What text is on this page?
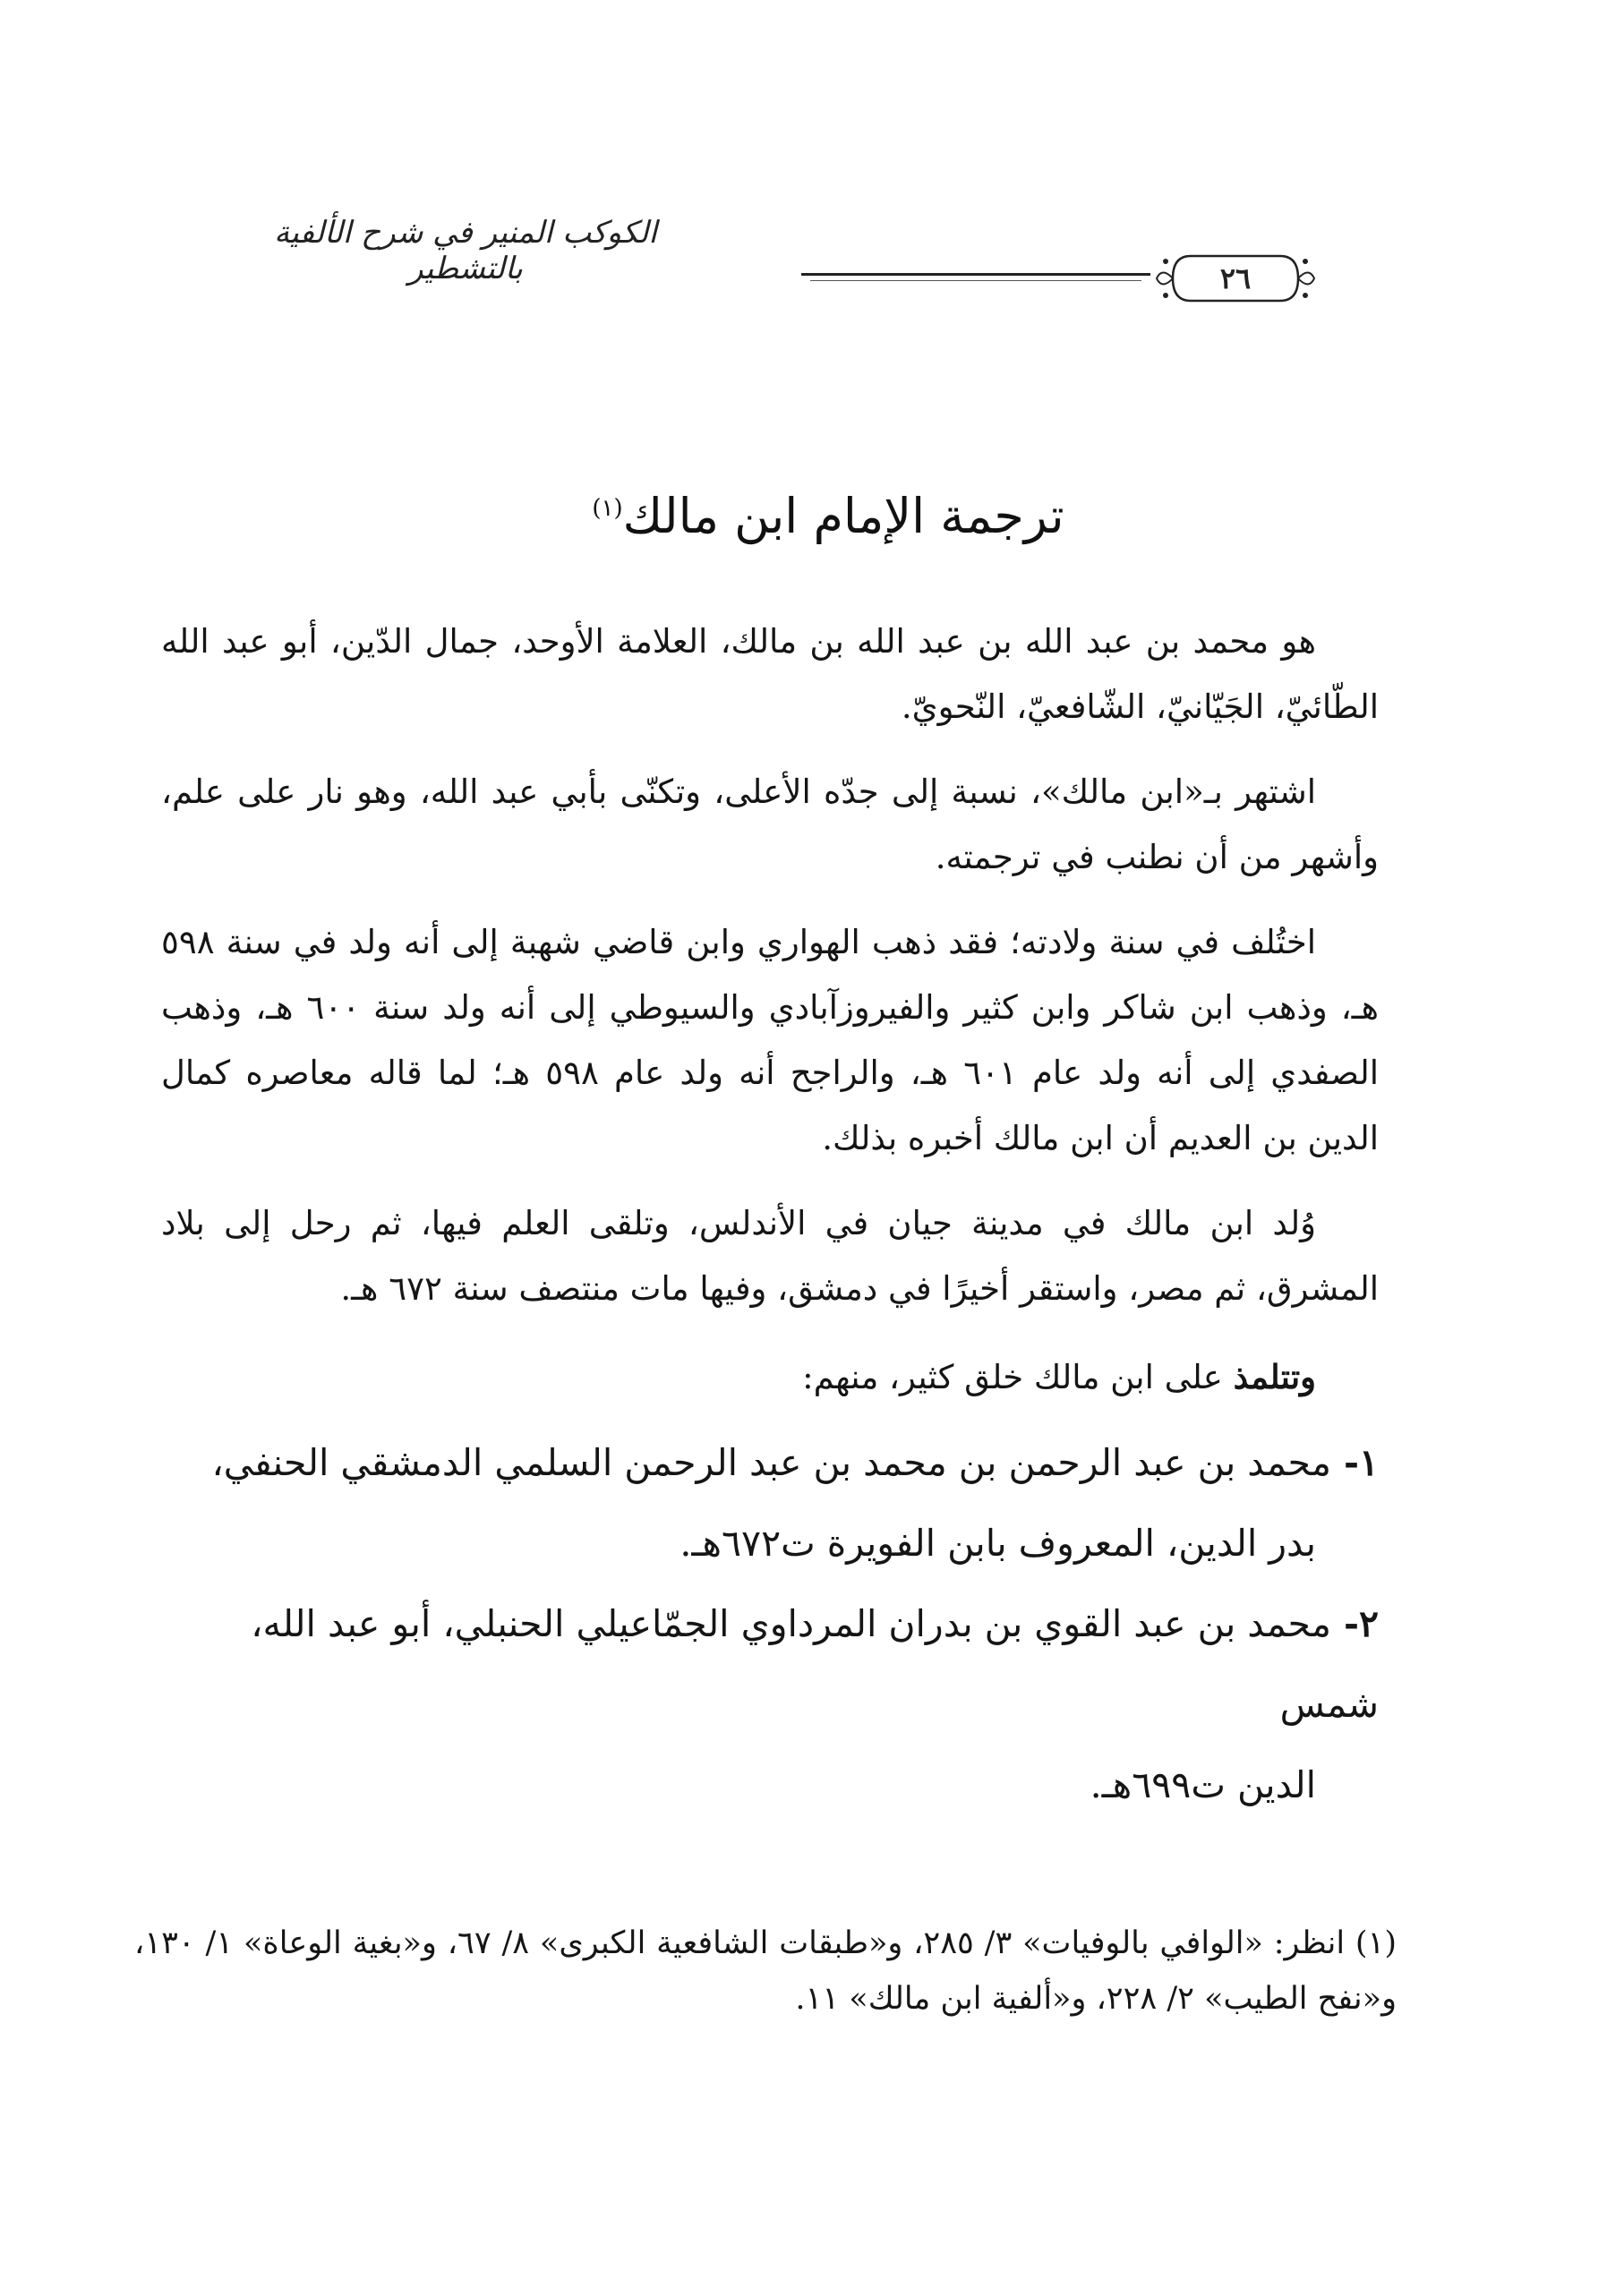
الكوكب المنير في شرح الألفية بالتشطير	٢٦
ترجمة الإمام ابن مالك$^{(١)}$

هو محمد بن عبد الله بن عبد الله بن مالك، العلامة الأوحد، جمال الدّين، أبو عبد الله الطّائيّ، الجَيّانيّ، الشّافعيّ، النّحويّ.

اشتهر بـ«ابن مالك»، نسبة إلى جدّه الأعلى، وتكنّى بأبي عبد الله، وهو نار على علم، وأشهر من أن نطنب في ترجمته.

اختُلف في سنة ولادته؛ فقد ذهب الهواري وابن قاضي شهبة إلى أنه ولد في سنة ٥٩٨ هـ، وذهب ابن شاكر وابن كثير والفيروزآبادي والسيوطي إلى أنه ولد سنة ٦٠٠ هـ، وذهب الصفدي إلى أنه ولد عام ٦٠١ هـ، والراجح أنه ولد عام ٥٩٨ هـ؛ لما قاله معاصره كمال الدين بن العديم أن ابن مالك أخبره بذلك.

وُلد ابن مالك في مدينة جيان في الأندلس، وتلقى العلم فيها، ثم رحل إلى بلاد المشرق، ثم مصر، واستقر أخيرًا في دمشق، وفيها مات منتصف سنة ٦٧٢ هـ.

وتتلمذ على ابن مالك خلق كثير، منهم:

١-محمد بن عبد الرحمن بن محمد بن عبد الرحمن السلمي الدمشقي الحنفي،
بدر الدين، المعروف بابن الفويرة ت٦٧٢هـ.
٢-محمد بن عبد القوي بن بدران المرداوي الجمّاعيلي الحنبلي، أبو عبد الله، شمس
الدين ت٦٩٩هـ.

(١) انظر: «الوافي بالوفيات» ٣/ ٢٨٥، و«طبقات الشافعية الكبرى» ٨/ ٦٧، و«بغية الوعاة» ١/ ١٣٠، و«نفح الطيب» ٢/ ٢٢٨، و«ألفية ابن مالك» ١١.
